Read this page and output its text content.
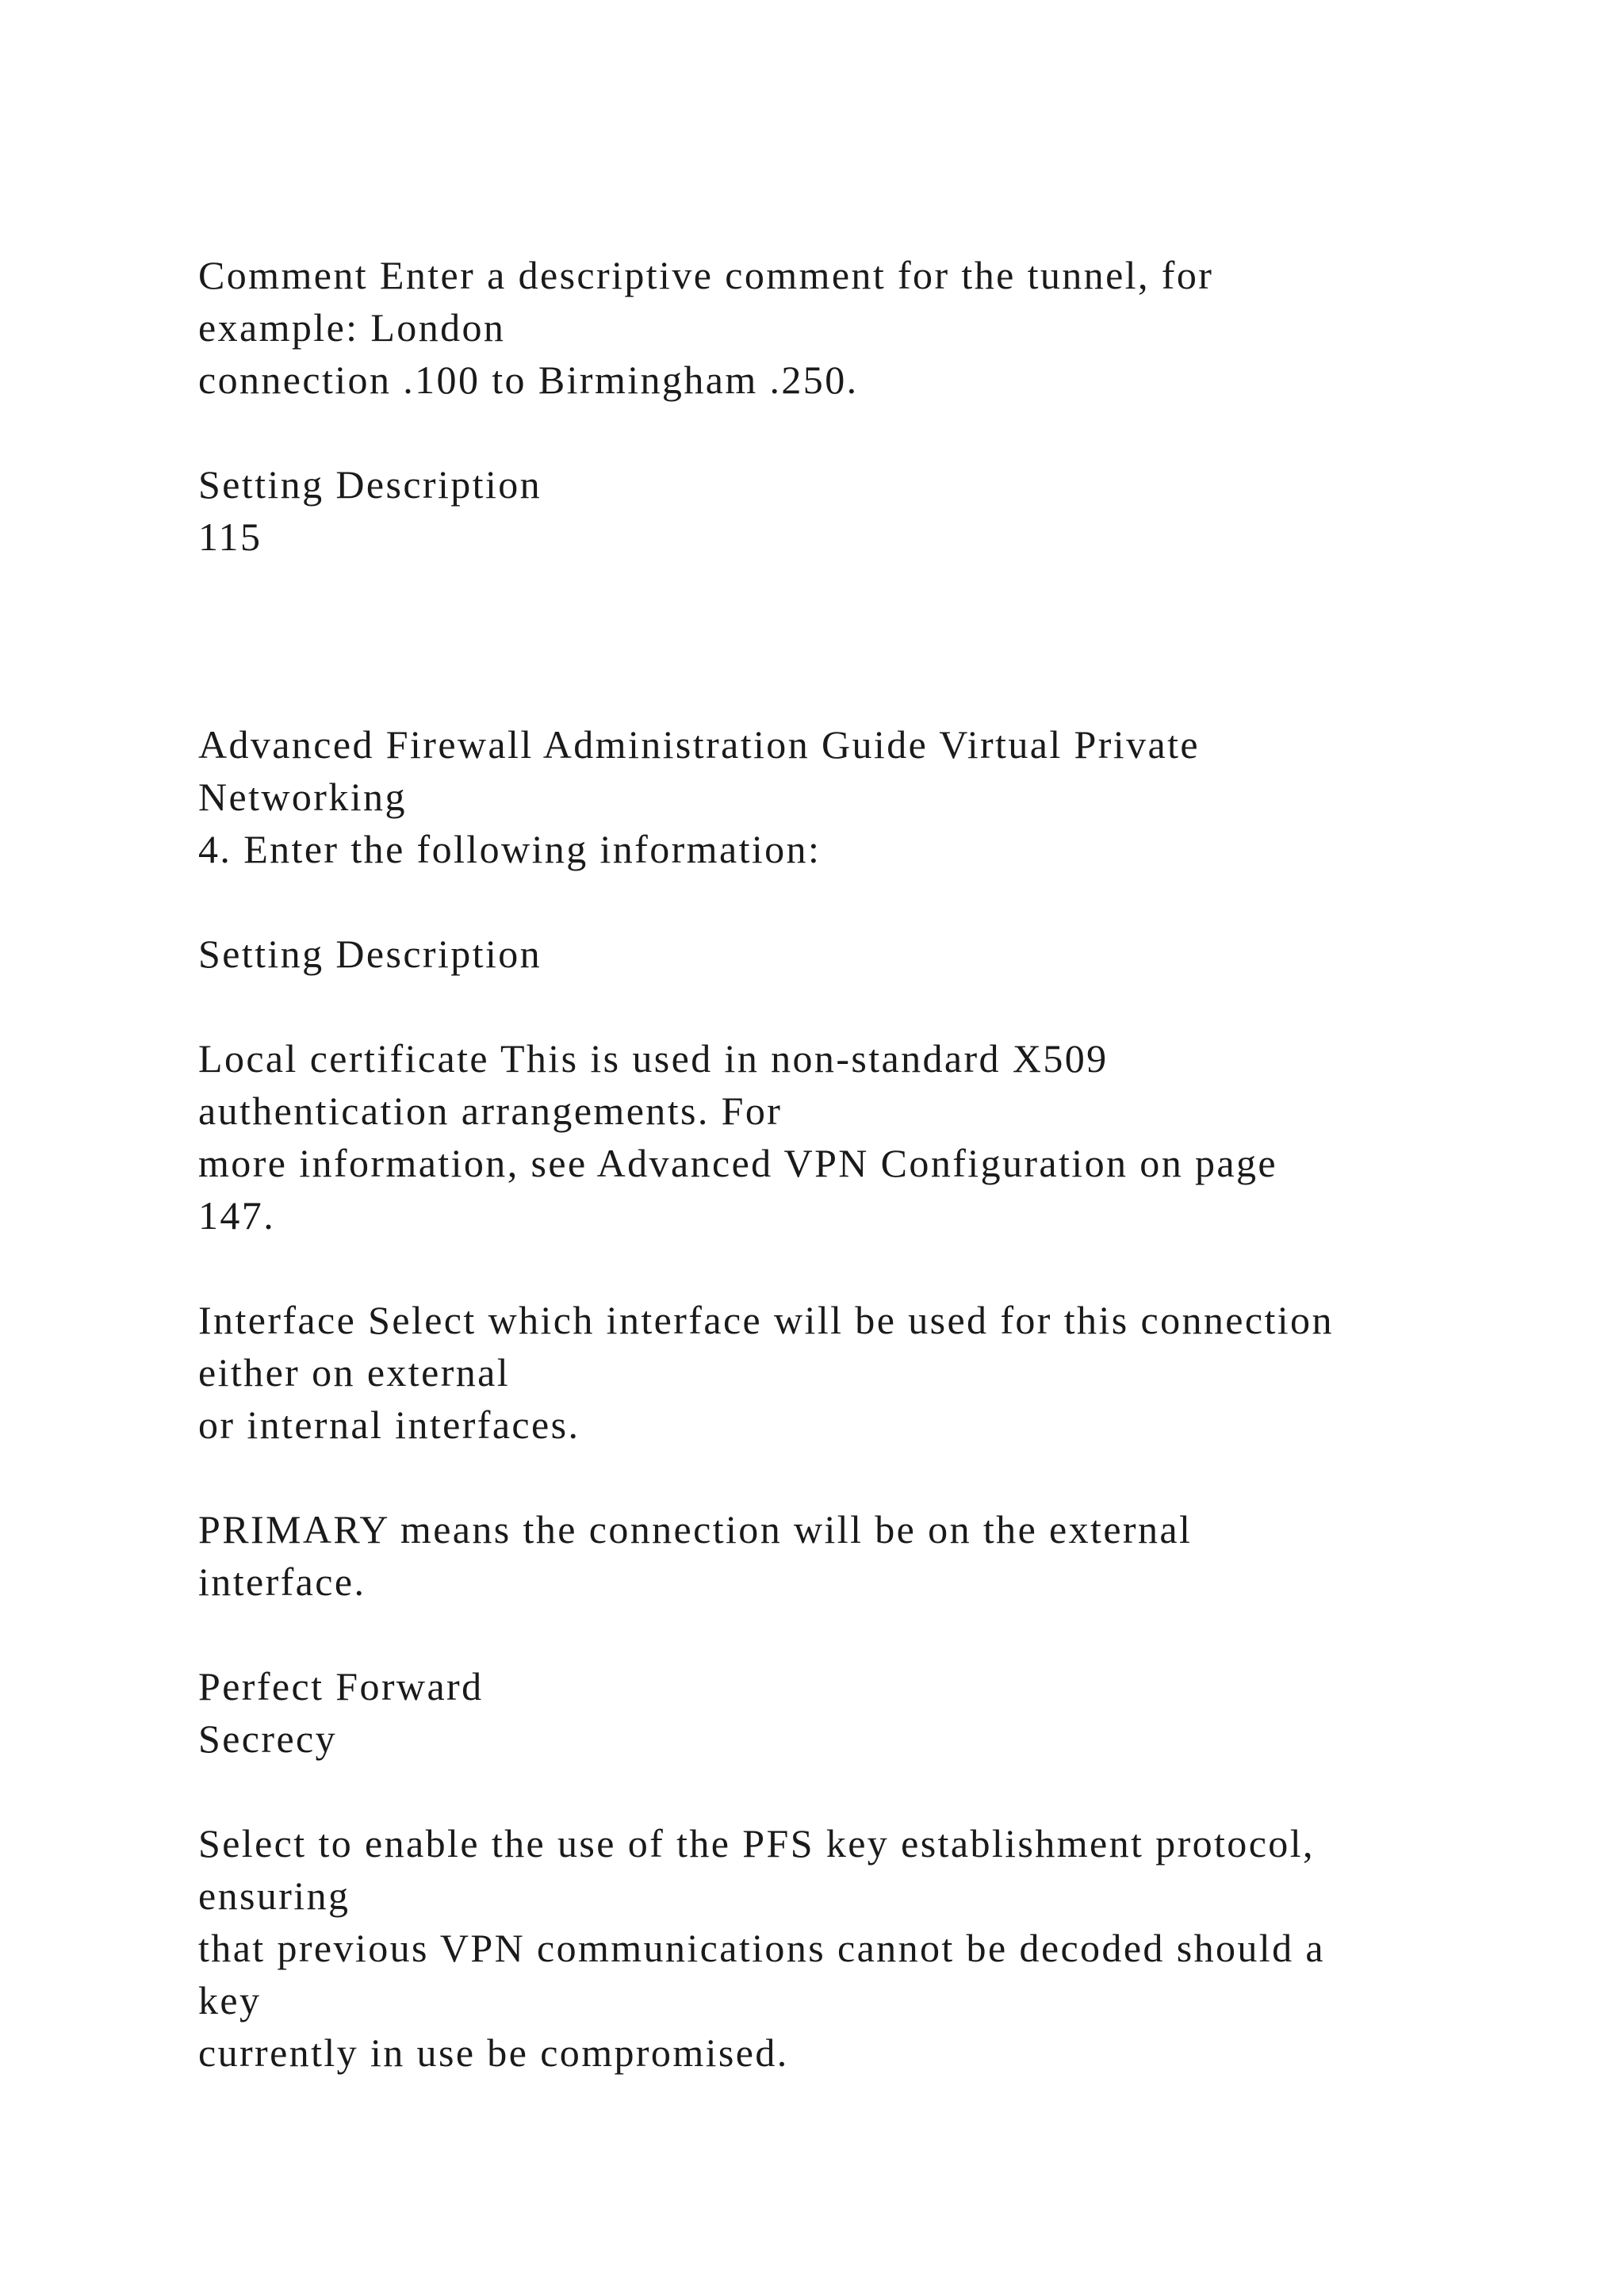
Comment Enter a descriptive comment for the tunnel, for

example: London

connection .100 to Birmingham .250.

Setting Description

115

Advanced Firewall Administration Guide Virtual Private

Networking

4. Enter the following information:

Setting Description

Local certificate This is used in non-standard X509

authentication arrangements. For

more information, see Advanced VPN Configuration on page

147.

Interface Select which interface will be used for this connection

either on external

or internal interfaces.

PRIMARY means the connection will be on the external

interface.

Perfect Forward

Secrecy

Select to enable the use of the PFS key establishment protocol,

ensuring

that previous VPN communications cannot be decoded should a

key

currently in use be compromised.
